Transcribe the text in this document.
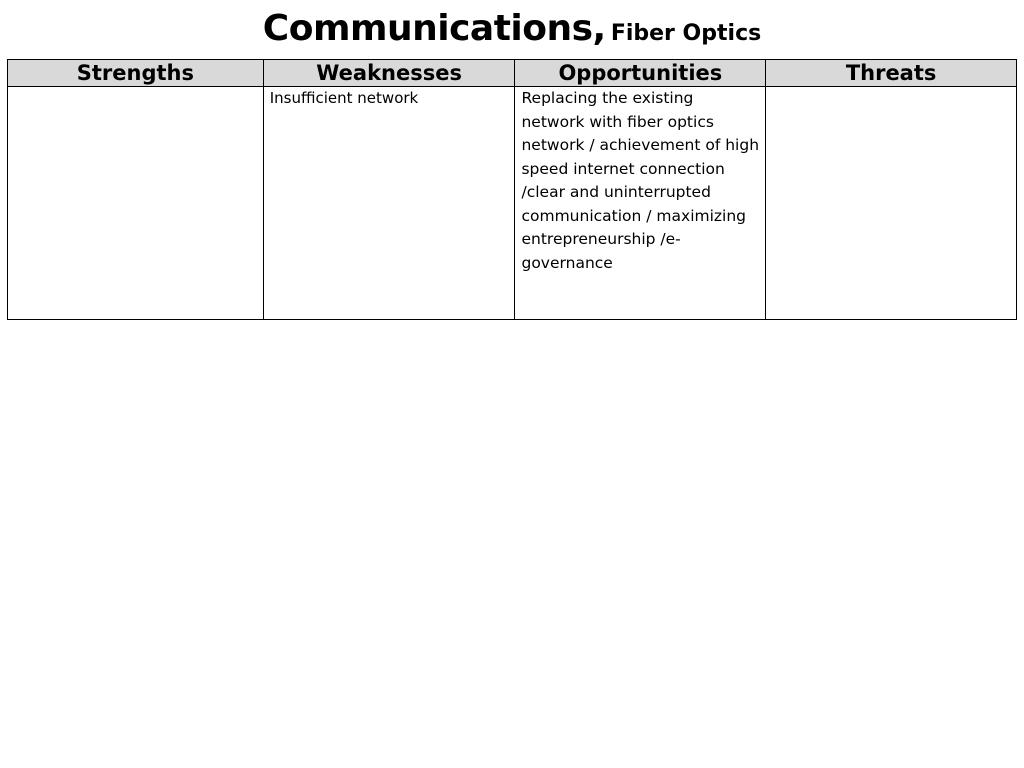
Communications, Fiber Optics
Strengths	Weaknesses	Opportunities	Threats
	Insufficient network	Replacing the existing network with fiber optics network / achievement of high speed internet connection /clear and uninterrupted communication / maximizing entrepreneurship /e-governance	
